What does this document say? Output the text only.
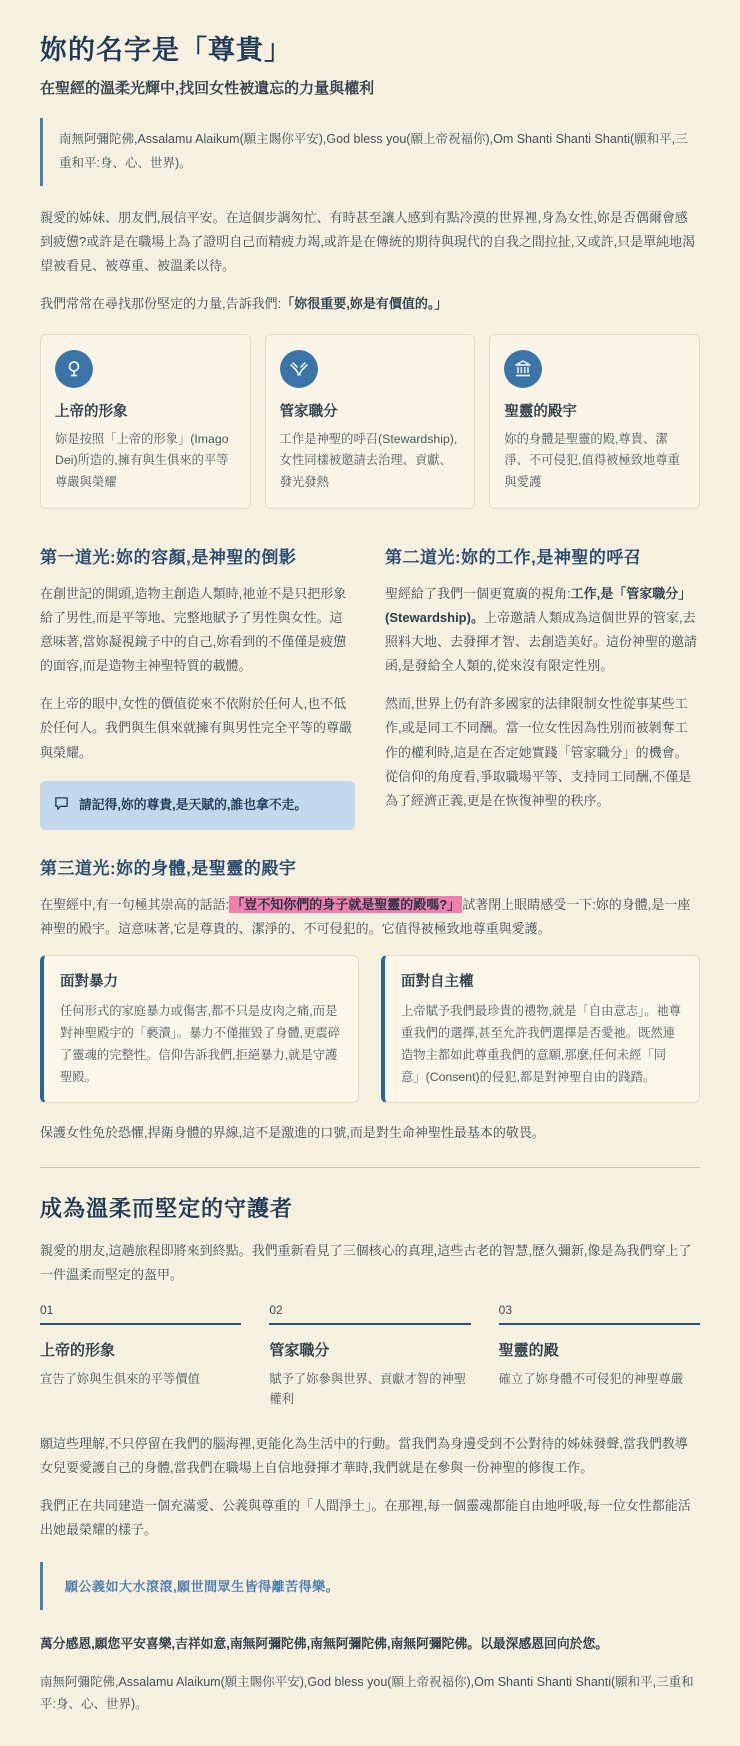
妳的名字是「尊貴」
在聖經的溫柔光輝中,找回女性被遺忘的力量與權利
南無阿彌陀佛,Assalamu Alaikum(願主賜你平安),God bless you(願上帝祝福你),Om Shanti Shanti Shanti(願和平,三重和平:身、心、世界)。

親愛的姊妹、朋友們,展信平安。在這個步調匆忙、有時甚至讓人感到有點冷漠的世界裡,身為女性,妳是否偶爾會感到疲憊?或許是在職場上為了證明自己而精疲力竭,或許是在傳統的期待與現代的自我之間拉扯,又或許,只是單純地渴望被看見、被尊重、被溫柔以待。

我們常常在尋找那份堅定的力量,告訴我們:「妳很重要,妳是有價值的。」

上帝的形象
妳是按照「上帝的形象」(Imago Dei)所造的,擁有與生俱來的平等尊嚴與榮耀
管家職分
工作是神聖的呼召(Stewardship),女性同樣被邀請去治理、貢獻、發光發熱
聖靈的殿宇
妳的身體是聖靈的殿,尊貴、潔淨、不可侵犯,值得被極致地尊重與愛護
第一道光:妳的容顏,是神聖的倒影

在創世記的開頭,造物主創造人類時,祂並不是只把形象給了男性,而是平等地、完整地賦予了男性與女性。這意味著,當妳凝視鏡子中的自己,妳看到的不僅僅是疲憊的面容,而是造物主神聖特質的載體。

在上帝的眼中,女性的價值從來不依附於任何人,也不低於任何人。我們與生俱來就擁有與男性完全平等的尊嚴與榮耀。

請記得,妳的尊貴,是天賦的,誰也拿不走。
第二道光:妳的工作,是神聖的呼召

聖經給了我們一個更寬廣的視角:工作,是「管家職分」(Stewardship)。上帝邀請人類成為這個世界的管家,去照料大地、去發揮才智、去創造美好。這份神聖的邀請函,是發給全人類的,從來沒有限定性別。

然而,世界上仍有許多國家的法律限制女性從事某些工作,或是同工不同酬。當一位女性因為性別而被剝奪工作的權利時,這是在否定她實踐「管家職分」的機會。從信仰的角度看,爭取職場平等、支持同工同酬,不僅是為了經濟正義,更是在恢復神聖的秩序。

第三道光:妳的身體,是聖靈的殿宇

在聖經中,有一句極其崇高的話語: 「豈不知你們的身子就是聖靈的殿嗎?」 試著閉上眼睛感受一下:妳的身體,是一座神聖的殿宇。這意味著,它是尊貴的、潔淨的、不可侵犯的。它值得被極致地尊重與愛護。

面對暴力
任何形式的家庭暴力或傷害,都不只是皮肉之痛,而是對神聖殿宇的「褻瀆」。暴力不僅摧毀了身體,更震碎了靈魂的完整性。信仰告訴我們,拒絕暴力,就是守護聖殿。
面對自主權
上帝賦予我們最珍貴的禮物,就是「自由意志」。祂尊重我們的選擇,甚至允許我們選擇是否愛祂。既然連造物主都如此尊重我們的意願,那麼,任何未經「同意」(Consent)的侵犯,都是對神聖自由的踐踏。

保護女性免於恐懼,捍衛身體的界線,這不是激進的口號,而是對生命神聖性最基本的敬畏。

成為溫柔而堅定的守護者

親愛的朋友,這趟旅程即將來到終點。我們重新看見了三個核心的真理,這些古老的智慧,歷久彌新,像是為我們穿上了一件溫柔而堅定的盔甲。

01
上帝的形象
宣告了妳與生俱來的平等價值
02
管家職分
賦予了妳參與世界、貢獻才智的神聖權利
03
聖靈的殿
確立了妳身體不可侵犯的神聖尊嚴

願這些理解,不只停留在我們的腦海裡,更能化為生活中的行動。當我們為身邊受到不公對待的姊妹發聲,當我們教導女兒要愛護自己的身體,當我們在職場上自信地發揮才華時,我們就是在參與一份神聖的修復工作。

我們正在共同建造一個充滿愛、公義與尊重的「人間淨土」。在那裡,每一個靈魂都能自由地呼吸,每一位女性都能活出她最榮耀的樣子。

願公義如大水滾滾,願世間眾生皆得離苦得樂。

萬分感恩,願您平安喜樂,吉祥如意,南無阿彌陀佛,南無阿彌陀佛,南無阿彌陀佛。以最深感恩回向於您。

南無阿彌陀佛,Assalamu Alaikum(願主賜你平安),God bless you(願上帝祝福你),Om Shanti Shanti Shanti(願和平,三重和平:身、心、世界)。
